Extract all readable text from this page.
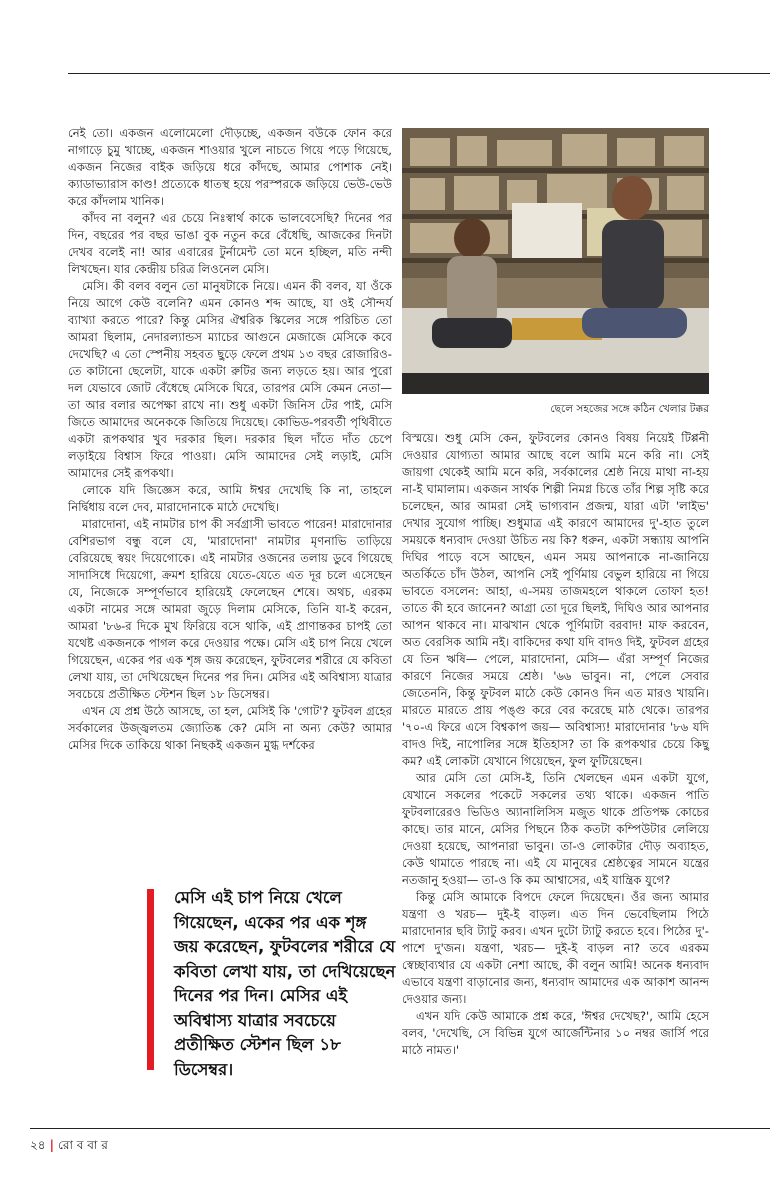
নেই তো। একজন এলোমেলো দৌড়চ্ছে, একজন বউকে ফোন করে নাগাড়ে চুমু খাচ্ছে, একজন শাওয়ার খুলে নাচতে গিয়ে পড়ে গিয়েছে, একজন নিজের বাইক জড়িয়ে ধরে কাঁদছে, আমার পোশাক নেই। ক্যাডাভ্যারাস কাণ্ড! প্রত্যেকে ধাতস্থ হয়ে পরস্পরকে জড়িয়ে ভেউ-ভেউ করে কাঁদলাম খানিক।

কাঁদব না বলুন? এর চেয়ে নিঃস্বার্থ কাকে ভালবেসেছি? দিনের পর দিন, বছরের পর বছর ভাঙা বুক নতুন করে বেঁধেছি, আজকের দিনটা দেখব বলেই না! আর এবারের টুর্নামেন্ট তো মনে হচ্ছিল, মতি নন্দী লিখছেন। যার কেন্দ্রীয় চরিত্র লিওনেল মেসি।

মেসি। কী বলব বলুন তো মানুষটাকে নিয়ে। এমন কী বলব, যা ওঁকে নিয়ে আগে কেউ বলেনি? এমন কোনও শব্দ আছে, যা ওই সৌন্দর্য ব্যাখ্যা করতে পারে? কিন্তু মেসির ঐশ্বরিক স্কিলের সঙ্গে পরিচিত তো আমরা ছিলাম, নেদারল্যান্ডস ম্যাচের আগুনে মেজাজে মেসিকে কবে দেখেছি? এ তো স্পেনীয় সহবত ছুড়ে ফেলে প্রথম ১৩ বছর রোজারিও-তে কাটানো ছেলেটা, যাকে একটা রুটির জন্য লড়তে হয়। আর পুরো দল যেভাবে জোট বেঁধেছে মেসিকে ঘিরে, তারপর মেসি কেমন নেতা— তা আর বলার অপেক্ষা রাখে না। শুধু একটা জিনিস টের পাই, মেসি জিতে আমাদের অনেককে জিতিয়ে দিয়েছে। কোভিড-পরবর্তী পৃথিবীতে একটা রূপকথার খুব দরকার ছিল। দরকার ছিল দাঁতে দাঁত চেপে লড়াইয়ে বিশ্বাস ফিরে পাওয়া। মেসি আমাদের সেই লড়াই, মেসি আমাদের সেই রূপকথা।

লোকে যদি জিজ্ঞেস করে, আমি ঈশ্বর দেখেছি কি না, তাহলে নির্দ্বিধায় বলে দেব, মারাদোনাকে মাঠে দেখেছি।

মারাদোনা, এই নামটার চাপ কী সর্বগ্রাসী ভাবতে পারেন! মারাদোনার বেশিরভাগ বন্ধু বলে যে, 'মারাদোনা' নামটার মৃণনাভি তাড়িয়ে বেরিয়েছে স্বয়ং দিয়েগোকে। এই নামটার ওজনের তলায় ডুবে গিয়েছে সাদাসিধে দিয়েগো, ক্রমশ হারিয়ে যেতে-যেতে এত দূর চলে এসেছেন যে, নিজেকে সম্পূর্ণভাবে হারিয়েই ফেলেছেন শেষে। অথচ, এরকম একটা নামের সঙ্গে আমরা জুড়ে দিলাম মেসিকে, তিনি যা-ই করেন, আমরা '৮৬-র দিকে মুখ ফিরিয়ে বসে থাকি, এই প্রাণান্তকর চাপই তো যথেষ্ট একজনকে পাগল করে দেওয়ার পক্ষে। মেসি এই চাপ নিয়ে খেলে গিয়েছেন, একের পর এক শৃঙ্গ জয় করেছেন, ফুটবলের শরীরে যে কবিতা লেখা যায়, তা দেখিয়েছেন দিনের পর দিন। মেসির এই অবিশ্বাস্য যাত্রার সবচেয়ে প্রতীক্ষিত স্টেশন ছিল ১৮ ডিসেম্বর।

এখন যে প্রশ্ন উঠে আসছে, তা হল, মেসিই কি 'গোট'? ফুটবল গ্রহের সর্বকালের উজ্জ্বলতম জ্যোতিষ্ক কে? মেসি না অন্য কেউ? আমার মেসির দিকে তাকিয়ে থাকা নিছকই একজন মুগ্ধ দর্শকের

ছেলে সহজের সঙ্গে কঠিন খেলার টক্কর

বিস্ময়ে। শুধু মেসি কেন, ফুটবলের কোনও বিষয় নিয়েই টিপ্পনী দেওয়ার যোগ্যতা আমার আছে বলে আমি মনে করি না। সেই জায়গা থেকেই আমি মনে করি, সর্বকালের শ্রেষ্ঠ নিয়ে মাথা না-হয় না-ই ঘামালাম। একজন সার্থক শিল্পী নিমগ্ন চিত্তে তাঁর শিল্প সৃষ্টি করে চলেছেন, আর আমরা সেই ভাগ্যবান প্রজন্ম, যারা এটা 'লাইভ' দেখার সুযোগ পাচ্ছি। শুধুমাত্র এই কারণে আমাদের দু'-হাত তুলে সময়কে ধন্যবাদ দেওয়া উচিত নয় কি? ধরুন, একটা সন্ধ্যায় আপনি দিঘির পাড়ে বসে আছেন, এমন সময় আপনাকে না-জানিয়ে অতর্কিতে চাঁদ উঠল, আপনি সেই পূর্ণিমায় বেভুল হারিয়ে না গিয়ে ভাবতে বসলেন: আহা, এ-সময় তাজমহলে থাকলে তোফা হত! তাতে কী হবে জানেন? আগ্রা তো দূরে ছিলই, দিঘিও আর আপনার আপন থাকবে না। মাঝখান থেকে পূর্ণিমাটা বরবাদ! মাফ করবেন, অত বেরসিক আমি নই। বাকিদের কথা যদি বাদও দিই, ফুটবল গ্রহের যে তিন ঋষি— পেলে, মারাদোনা, মেসি— এঁরা সম্পূর্ণ নিজের কারণে নিজের সময়ে শ্রেষ্ঠ। '৬৬ ভাবুন। না, পেলে সেবার জেতেননি, কিন্তু ফুটবল মাঠে কেউ কোনও দিন এত মারও খায়নি। মারতে মারতে প্রায় পঙ্গু করে বের করেছে মাঠ থেকে। তারপর '৭০-এ ফিরে এসে বিশ্বকাপ জয়— অবিশ্বাস্য! মারাদোনার '৮৬ যদি বাদও দিই, নাপোলির সঙ্গে ইতিহাস? তা কি রূপকথার চেয়ে কিছু কম? এই লোকটা যেখানে গিয়েছেন, ফুল ফুটিয়েছেন।

আর মেসি তো মেসি-ই, তিনি খেলছেন এমন একটা যুগে, যেখানে সকলের পকেটে সকলের তথ্য থাকে। একজন পাতি ফুটবলারেরও ভিডিও অ্যানালিসিস মজুত থাকে প্রতিপক্ষ কোচের কাছে। তার মানে, মেসির পিছনে ঠিক কতটা কম্পিউটার লেলিয়ে দেওয়া হয়েছে, আপনারা ভাবুন। তা-ও লোকটার দৌড় অব্যাহত, কেউ থামাতে পারছে না। এই যে মানুষের শ্রেষ্ঠত্বের সামনে যন্ত্রের নতজানু হওয়া— তা-ও কি কম আশ্বাসের, এই যান্ত্রিক যুগে?

কিন্তু মেসি আমাকে বিপদে ফেলে দিয়েছেন। ওঁর জন্য আমার যন্ত্রণা ও খরচ— দুই-ই বাড়ল। এত দিন ভেবেছিলাম পিঠে মারাদোনার ছবি ট্যাটু করব। এখন দুটো ট্যাটু করতে হবে। পিঠের দু'-পাশে দু'জন। যন্ত্রণা, খরচ— দুই-ই বাড়ল না? তবে এরকম স্বেচ্ছাব্যথার যে একটা নেশা আছে, কী বলুন আমি! অনেক ধন্যবাদ এভাবে যন্ত্রণা বাড়ানোর জন্য, ধন্যবাদ আমাদের এক আকাশ আনন্দ দেওয়ার জন্য।

এখন যদি কেউ আমাকে প্রশ্ন করে, 'ঈশ্বর দেখেছ?', আমি হেসে বলব, 'দেখেছি, সে বিভিন্ন যুগে আর্জেন্টিনার ১০ নম্বর জার্সি পরে মাঠে নামত।'

মেসি এই চাপ নিয়ে খেলে গিয়েছেন, একের পর এক শৃঙ্গ জয় করেছেন, ফুটবলের শরীরে যে কবিতা লেখা যায়, তা দেখিয়েছেন দিনের পর দিন। মেসির এই অবিশ্বাস্য যাত্রার সবচেয়ে প্রতীক্ষিত স্টেশন ছিল ১৮ ডিসেম্বর।
২৪ | রো ব বা র
